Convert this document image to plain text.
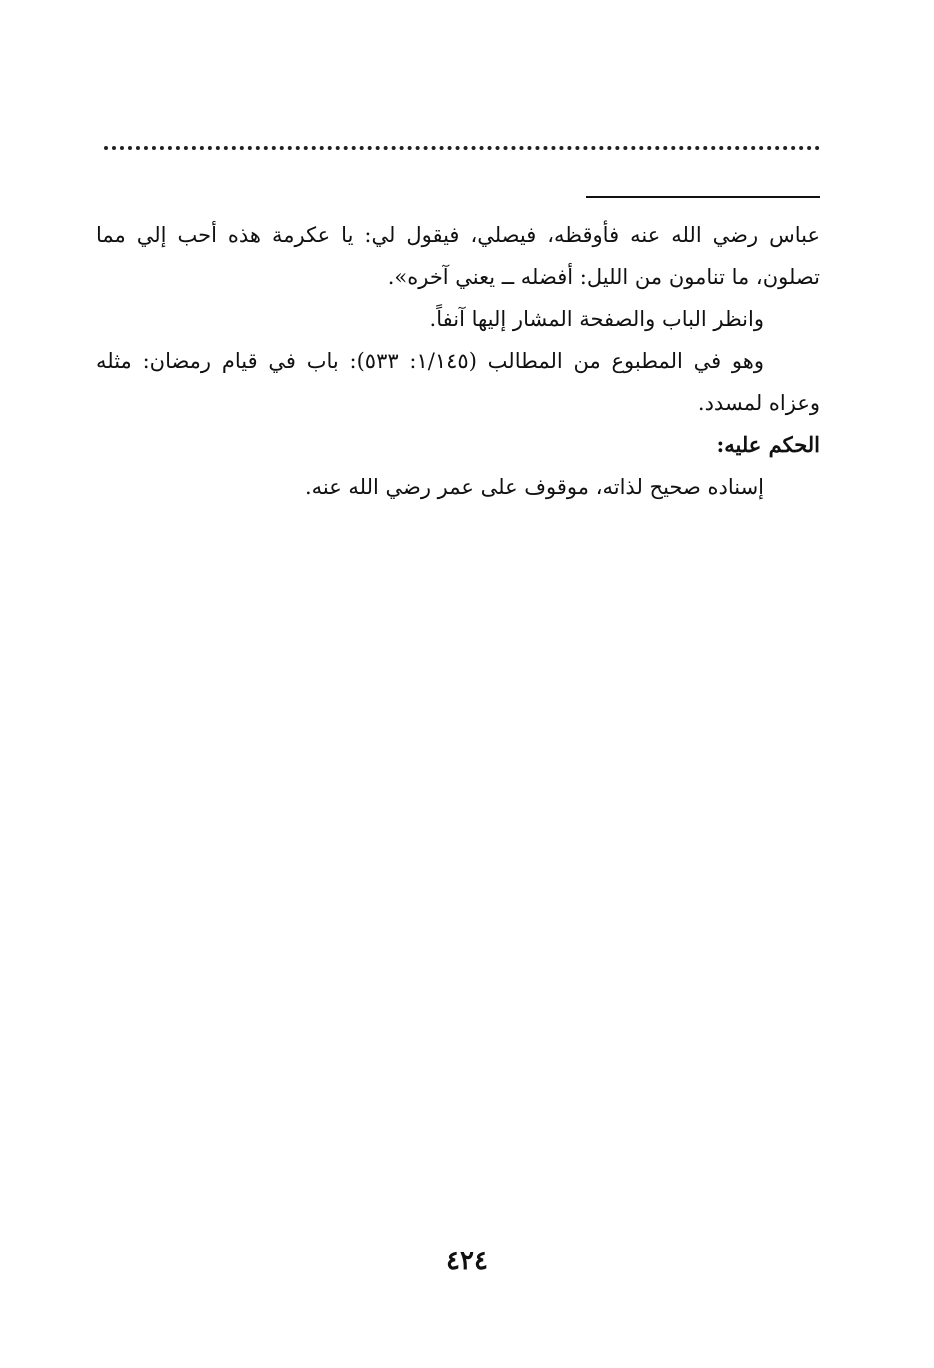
عباس رضي الله عنه فأوقظه، فيصلي، فيقول لي: يا عكرمة هذه أحب إلي مما
تصلون، ما تنامون من الليل: أفضله ــ يعني آخره».
وانظر الباب والصفحة المشار إليها آنفاً.
وهو في المطبوع من المطالب (١/١٤٥: ٥٣٣): باب في قيام رمضان: مثله
وعزاه لمسدد.
الحكم عليه:
إسناده صحيح لذاته، موقوف على عمر رضي الله عنه.
٤٢٤
